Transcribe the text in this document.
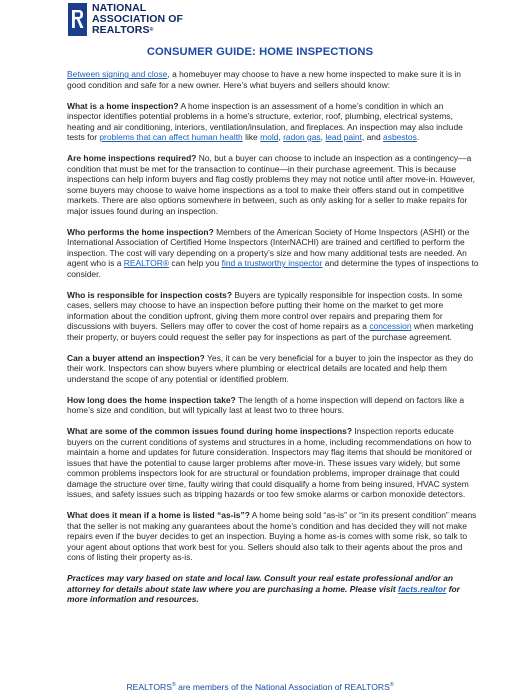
NATIONAL
ASSOCIATION OF
REALTORS®
CONSUMER GUIDE: HOME INSPECTIONS

Between signing and close, a homebuyer may choose to have a new home inspected to make sure it is in good condition and safe for a new owner. Here’s what buyers and sellers should know:

What is a home inspection? A home inspection is an assessment of a home’s condition in which an inspector identifies potential problems in a home’s structure, exterior, roof, plumbing, electrical systems, heating and air conditioning, interiors, ventilation/insulation, and fireplaces. An inspection may also include tests for problems that can affect human health like mold, radon gas, lead paint, and asbestos.

Are home inspections required? No, but a buyer can choose to include an inspection as a contingency—a condition that must be met for the transaction to continue—in their purchase agreement. This is because inspections can help inform buyers and flag costly problems they may not notice until after move-in. However, some buyers may choose to waive home inspections as a tool to make their offers stand out in competitive markets. There are also options somewhere in between, such as only asking for a seller to make repairs for major issues found during an inspection.

Who performs the home inspection? Members of the American Society of Home Inspectors (ASHI) or the International Association of Certified Home Inspectors (InterNACHI) are trained and certified to perform the inspection. The cost will vary depending on a property’s size and how many additional tests are needed. An agent who is a REALTOR® can help you find a trustworthy inspector and determine the types of inspections to consider.

Who is responsible for inspection costs? Buyers are typically responsible for inspection costs. In some cases, sellers may choose to have an inspection before putting their home on the market to get more information about the condition upfront, giving them more control over repairs and preparing them for discussions with buyers. Sellers may offer to cover the cost of home repairs as a concession when marketing their property, or buyers could request the seller pay for inspections as part of the purchase agreement.

Can a buyer attend an inspection? Yes, it can be very beneficial for a buyer to join the inspector as they do their work. Inspectors can show buyers where plumbing or electrical details are located and help them understand the scope of any potential or identified problem.

How long does the home inspection take? The length of a home inspection will depend on factors like a home’s size and condition, but will typically last at least two to three hours.

What are some of the common issues found during home inspections? Inspection reports educate buyers on the current conditions of systems and structures in a home, including recommendations on how to maintain a home and updates for future consideration. Inspectors may flag items that should be monitored or issues that have the potential to cause larger problems after move-in. These issues vary widely, but some common problems inspectors look for are structural or foundation problems, improper drainage that could damage the structure over time, faulty wiring that could disqualify a home from being insured, HVAC system issues, and safety issues such as tripping hazards or too few smoke alarms or carbon monoxide detectors.

What does it mean if a home is listed “as-is”? A home being sold “as-is” or “in its present condition” means that the seller is not making any guarantees about the home’s condition and has decided they will not make repairs even if the buyer decides to get an inspection. Buying a home as-is comes with some risk, so talk to your agent about options that work best for you. Sellers should also talk to their agents about the pros and cons of listing their property as-is.

Practices may vary based on state and local law. Consult your real estate professional and/or an attorney for details about state law where you are purchasing a home. Please visit facts.realtor for more information and resources.

REALTORS® are members of the National Association of REALTORS®
